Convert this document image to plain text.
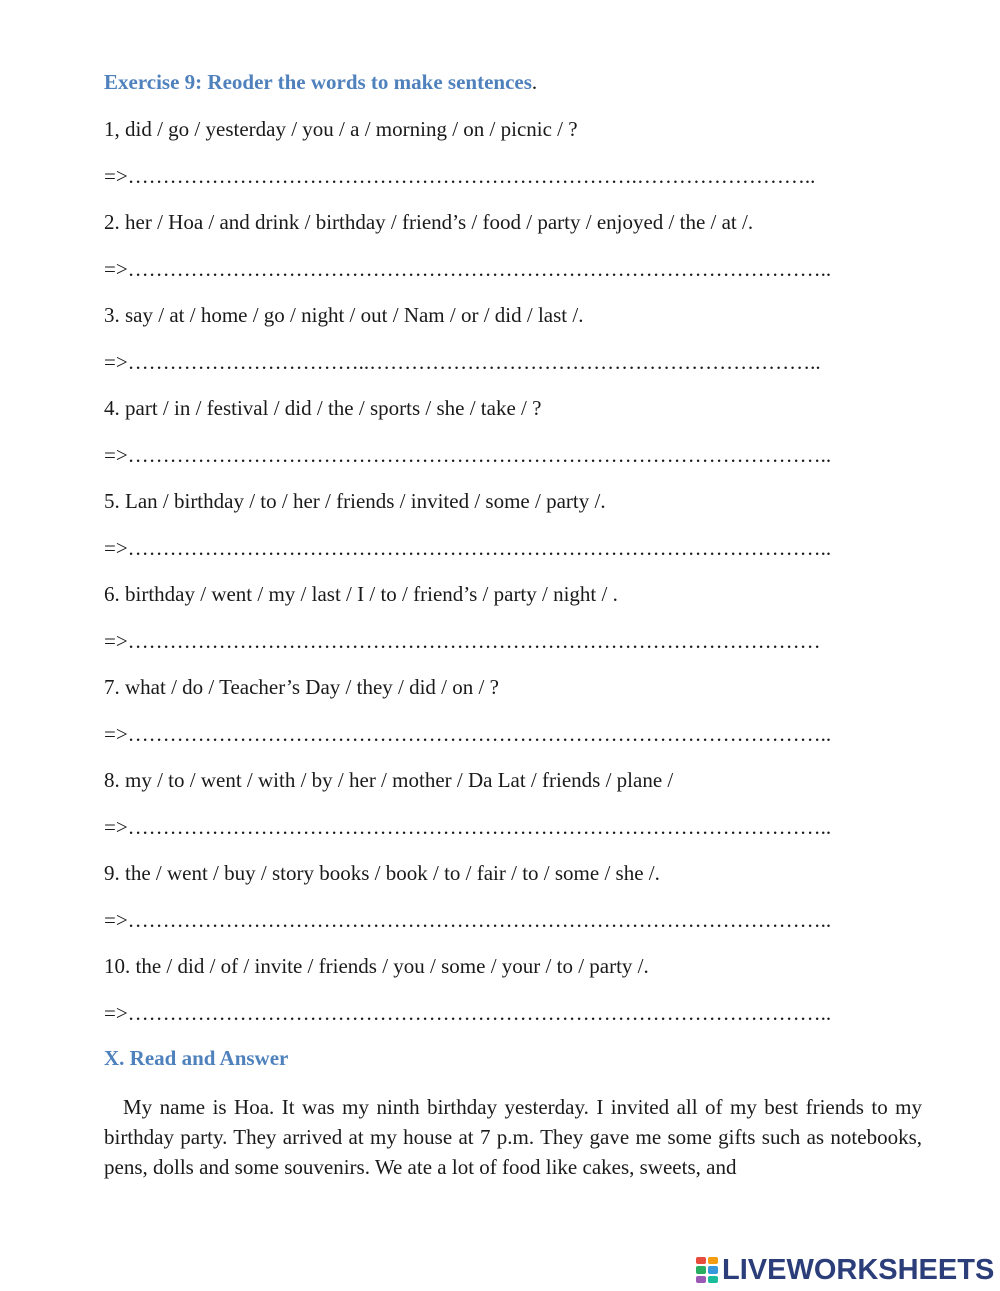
Exercise 9: Reoder the words to make sentences.

1, did / go / yesterday / you / a / morning / on / picnic / ?

=>……………………………………………………………….……………………..

2. her / Hoa / and drink / birthday / friend’s / food / party / enjoyed / the / at /.

=>………………………………………………………………………………………..

3. say / at / home / go / night / out / Nam / or / did / last /.

=>……………………………..………………………………………………………..

4. part / in / festival / did / the / sports / she / take / ?

=>………………………………………………………………………………………..

5. Lan / birthday / to / her / friends / invited / some / party /.

=>………………………………………………………………………………………..

6. birthday / went / my / last / I / to / friend’s / party / night / .

=>………………………………………………………………………………………

7. what / do / Teacher’s Day / they / did / on / ?

=>………………………………………………………………………………………..

8. my / to / went / with / by / her / mother / Da Lat / friends / plane /

=>………………………………………………………………………………………..

9. the / went / buy / story books / book / to / fair / to / some / she /.

=>………………………………………………………………………………………..

10. the / did / of / invite / friends / you / some / your / to / party /.

=>………………………………………………………………………………………..

X. Read and Answer

My name is Hoa. It was my ninth birthday yesterday. I invited all of my best friends to my birthday party. They arrived at my house at 7 p.m. They gave me some gifts such as notebooks, pens, dolls and some souvenirs. We ate a lot of food like cakes, sweets, and

LIVEWORKSHEETS
